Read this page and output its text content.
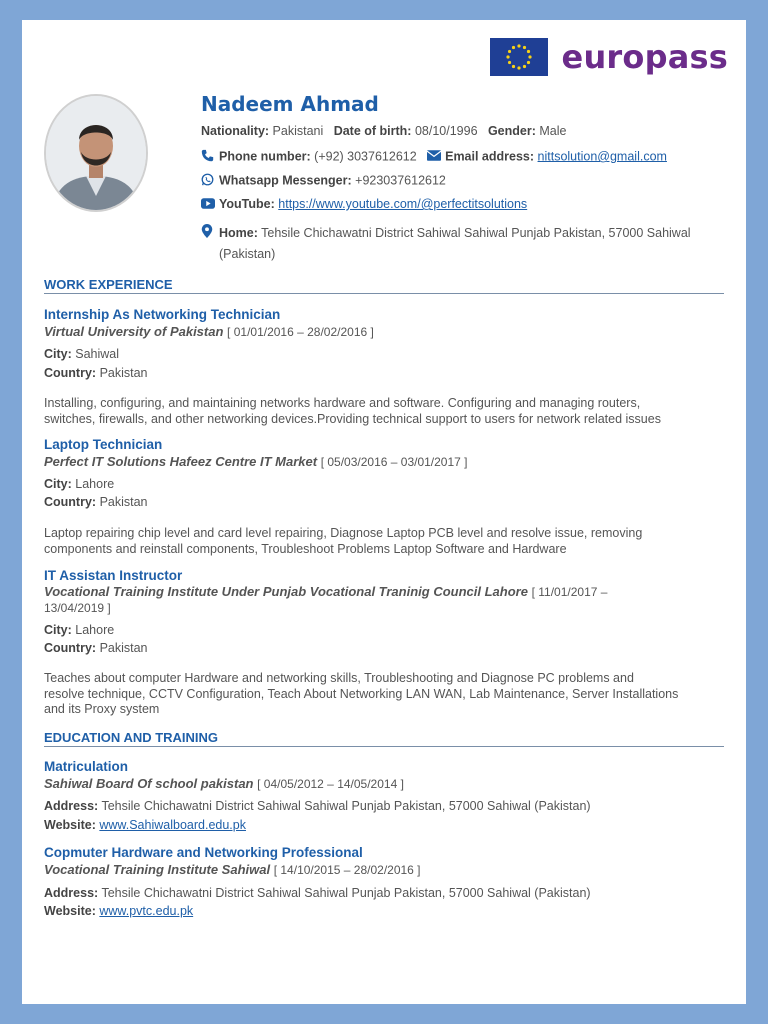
europass
Nadeem Ahmad
Nationality: Pakistani Date of birth: 08/10/1996 Gender: Male
Phone number: (+92) 3037612612 Email address: nittsolution@gmail.com
Whatsapp Messenger: +923037612612
YouTube: https://www.youtube.com/@perfectitsolutions
Home: Tehsile Chichawatni District Sahiwal Sahiwal Punjab Pakistan, 57000 Sahiwal
(Pakistan)
WORK EXPERIENCE
Internship As Networking Technician
Virtual University of Pakistan [ 01/01/2016 – 28/02/2016 ]
City: Sahiwal
Country: Pakistan
Installing, configuring, and maintaining networks hardware and software. Configuring and managing routers,
switches, firewalls, and other networking devices.Providing technical support to users for network related issues
Laptop Technician
Perfect IT Solutions Hafeez Centre IT Market [ 05/03/2016 – 03/01/2017 ]
City: Lahore
Country: Pakistan
Laptop repairing chip level and card level repairing, Diagnose Laptop PCB level and resolve issue, removing
components and reinstall components, Troubleshoot Problems Laptop Software and Hardware
IT Assistan Instructor
Vocational Training Institute Under Punjab Vocational Traninig Council Lahore [ 11/01/2017 –
13/04/2019 ]
City: Lahore
Country: Pakistan
Teaches about computer Hardware and networking skills, Troubleshooting and Diagnose PC problems and
resolve technique, CCTV Configuration, Teach About Networking LAN WAN, Lab Maintenance, Server Installations
and its Proxy system
EDUCATION AND TRAINING
Matriculation
Sahiwal Board Of school pakistan [ 04/05/2012 – 14/05/2014 ]
Address: Tehsile Chichawatni District Sahiwal Sahiwal Punjab Pakistan, 57000 Sahiwal (Pakistan)
Website: www.Sahiwalboard.edu.pk
Copmuter Hardware and Networking Professional
Vocational Training Institute Sahiwal [ 14/10/2015 – 28/02/2016 ]
Address: Tehsile Chichawatni District Sahiwal Sahiwal Punjab Pakistan, 57000 Sahiwal (Pakistan)
Website: www.pvtc.edu.pk
